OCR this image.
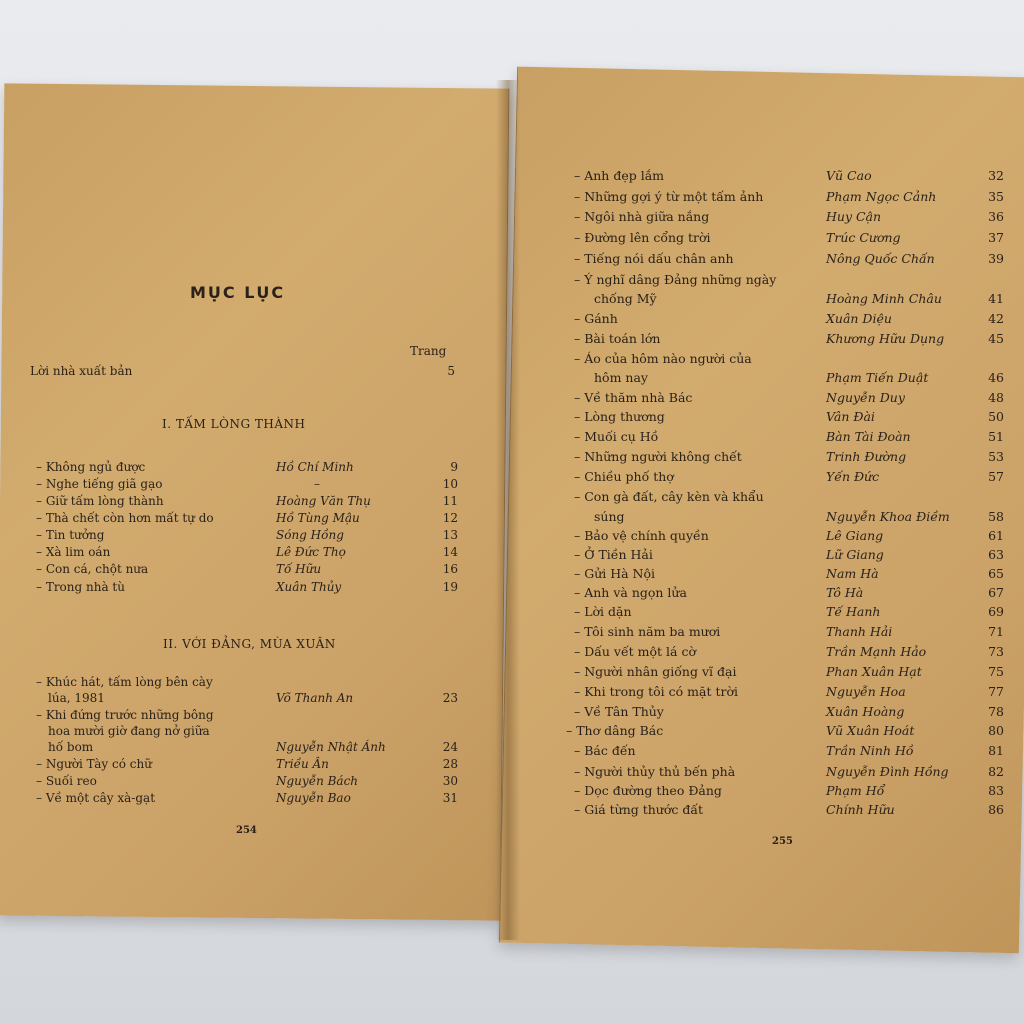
MỤC LỤC
Trang
Lời nhà xuất bản	5
I. TẤM LÒNG THÀNH
– Không ngủ được	Hồ Chí Minh	9
– Nghe tiếng giã gạo	–	10
– Giữ tấm lòng thành	Hoàng Văn Thụ	11
– Thà chết còn hơn mất tự do	Hồ Tùng Mậu	12
– Tin tưởng	Sóng Hồng	13
– Xà lim oán	Lê Đức Thọ	14
– Con cá, chột nưa	Tố Hữu	16
– Trong nhà tù	Xuân Thủy	19
II. VỚI ĐẢNG, MÙA XUÂN
– Khúc hát, tấm lòng bên cày
lúa, 1981	Võ Thanh An	23
– Khi đứng trước những bông
hoa mười giờ đang nở giữa
hố bom	Nguyễn Nhật Ánh	24
– Người Tày có chữ	Triều Ân	28
– Suối reo	Nguyễn Bách	30
– Về một cây xà-gạt	Nguyễn Bao	31
254
– Anh đẹp lắm	Vũ Cao	32
– Những gợi ý từ một tấm ảnh	Phạm Ngọc Cảnh	35
– Ngôi nhà giữa nắng	Huy Cận	36
– Đường lên cổng trời	Trúc Cương	37
– Tiếng nói dấu chân anh	Nông Quốc Chấn	39
– Ý nghĩ dâng Đảng những ngày
chống Mỹ	Hoàng Minh Châu	41
– Gánh	Xuân Diệu	42
– Bài toán lớn	Khương Hữu Dụng	45
– Áo của hôm nào người của
hôm nay	Phạm Tiến Duật	46
– Về thăm nhà Bác	Nguyễn Duy	48
– Lòng thương	Vân Đài	50
– Muối cụ Hồ	Bàn Tài Đoàn	51
– Những người không chết	Trinh Đường	53
– Chiều phố thợ	Yến Đức	57
– Con gà đất, cây kèn và khẩu
súng	Nguyễn Khoa Điềm	58
– Bảo vệ chính quyền	Lê Giang	61
– Ở Tiền Hải	Lữ Giang	63
– Gửi Hà Nội	Nam Hà	65
– Anh và ngọn lửa	Tô Hà	67
– Lời dặn	Tế Hanh	69
– Tôi sinh năm ba mươi	Thanh Hải	71
– Dấu vết một lá cờ	Trần Mạnh Hảo	73
– Người nhân giống vĩ đại	Phan Xuân Hạt	75
– Khi trong tôi có mặt trời	Nguyễn Hoa	77
– Về Tân Thủy	Xuân Hoàng	78
– Thơ dâng Bác	Vũ Xuân Hoát	80
– Bác đến	Trần Ninh Hồ	81
– Người thủy thủ bến phà	Nguyễn Đình Hồng	82
– Dọc đường theo Đảng	Phạm Hổ	83
– Giá từng thước đất	Chính Hữu	86
255
